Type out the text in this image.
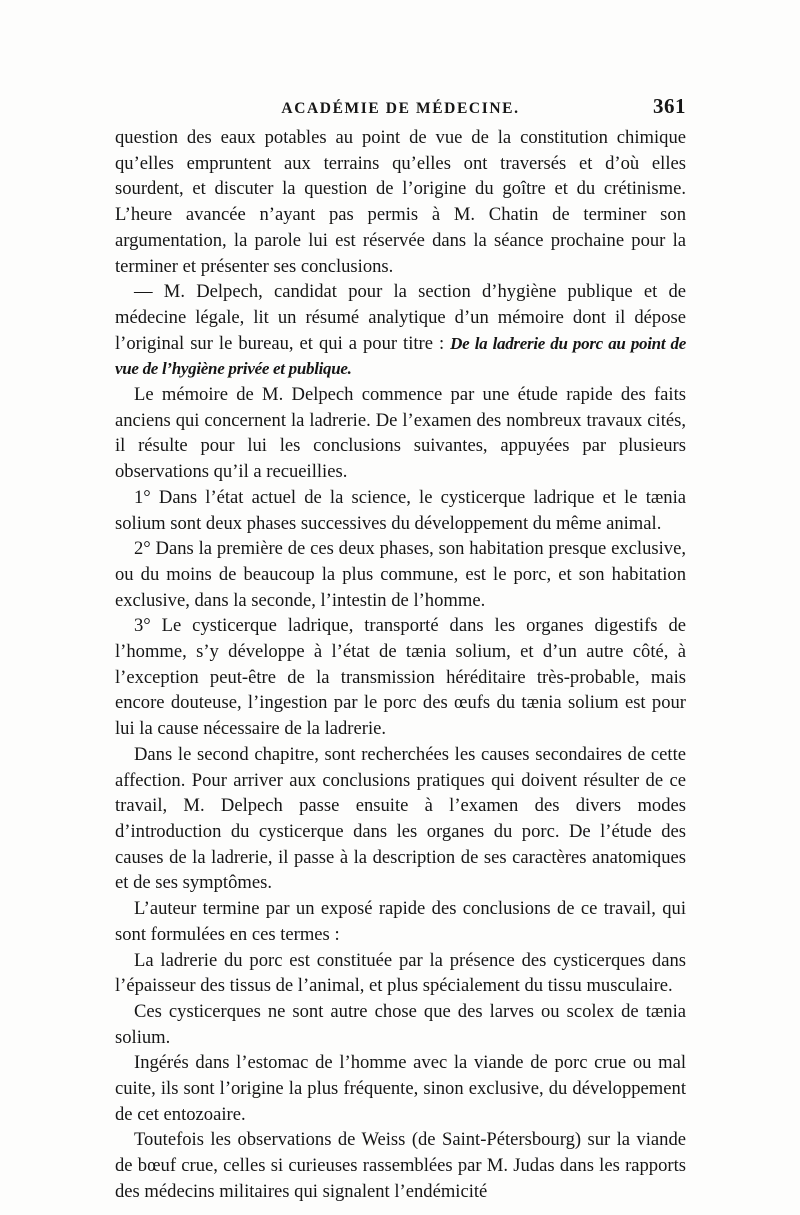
ACADÉMIE DE MÉDECINE.	361

question des eaux potables au point de vue de la constitution chimique qu’elles empruntent aux terrains qu’elles ont traversés et d’où elles sourdent, et discuter la question de l’origine du goître et du crétinisme. L’heure avancée n’ayant pas permis à M. Chatin de terminer son argumentation, la parole lui est réservée dans la séance prochaine pour la terminer et présenter ses conclusions.

— M. Delpech, candidat pour la section d’hygiène publique et de médecine légale, lit un résumé analytique d’un mémoire dont il dépose l’original sur le bureau, et qui a pour titre : De la ladrerie du porc au point de vue de l’hygiène privée et publique.

Le mémoire de M. Delpech commence par une étude rapide des faits anciens qui concernent la ladrerie. De l’examen des nombreux travaux cités, il résulte pour lui les conclusions suivantes, appuyées par plusieurs observations qu’il a recueillies.

1° Dans l’état actuel de la science, le cysticerque ladrique et le tænia solium sont deux phases successives du développement du même animal.

2° Dans la première de ces deux phases, son habitation presque exclusive, ou du moins de beaucoup la plus commune, est le porc, et son habitation exclusive, dans la seconde, l’intestin de l’homme.

3° Le cysticerque ladrique, transporté dans les organes digestifs de l’homme, s’y développe à l’état de tænia solium, et d’un autre côté, à l’exception peut-être de la transmission héréditaire très-probable, mais encore douteuse, l’ingestion par le porc des œufs du tænia solium est pour lui la cause nécessaire de la ladrerie.

Dans le second chapitre, sont recherchées les causes secondaires de cette affection. Pour arriver aux conclusions pratiques qui doivent résulter de ce travail, M. Delpech passe ensuite à l’examen des divers modes d’introduction du cysticerque dans les organes du porc. De l’étude des causes de la ladrerie, il passe à la description de ses caractères anatomiques et de ses symptômes.

L’auteur termine par un exposé rapide des conclusions de ce travail, qui sont formulées en ces termes :

La ladrerie du porc est constituée par la présence des cysticerques dans l’épaisseur des tissus de l’animal, et plus spécialement du tissu musculaire.

Ces cysticerques ne sont autre chose que des larves ou scolex de tænia solium.

Ingérés dans l’estomac de l’homme avec la viande de porc crue ou mal cuite, ils sont l’origine la plus fréquente, sinon exclusive, du développement de cet entozoaire.

Toutefois les observations de Weiss (de Saint-Pétersbourg) sur la viande de bœuf crue, celles si curieuses rassemblées par M. Judas dans les rapports des médecins militaires qui signalent l’endémicité
